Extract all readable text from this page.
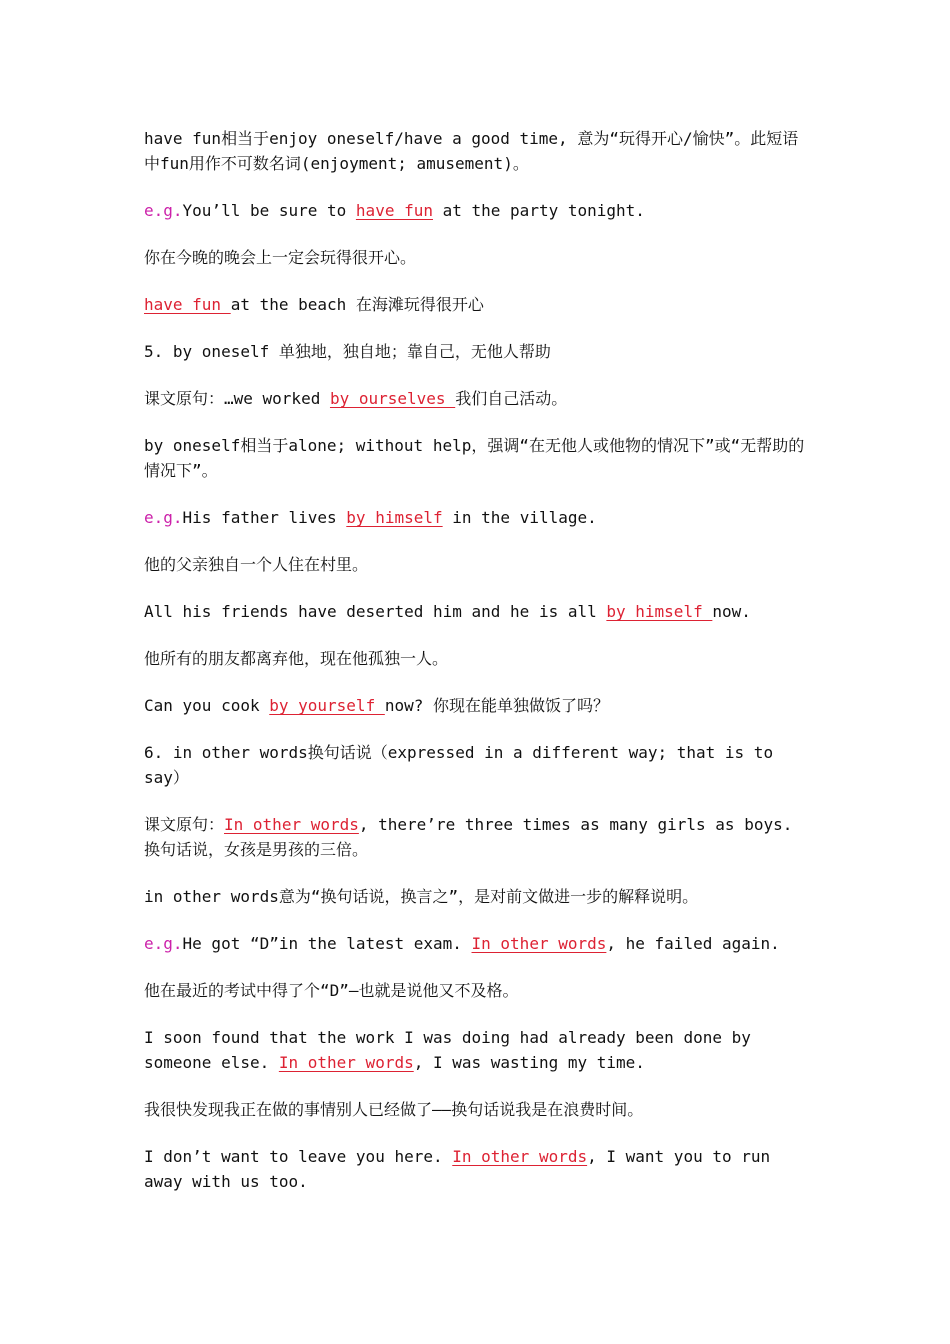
have fun相当于enjoy oneself/have a good time, 意为“玩得开心/愉快”。此短语中fun用作不可数名词(enjoyment; amusement)。

e.g.You’ll be sure to have fun at the party tonight.

你在今晚的晚会上一定会玩得很开心。

have fun at the beach 在海滩玩得很开心

5. by oneself 单独地，独自地；靠自己，无他人帮助

课文原句：…we worked by ourselves 我们自己活动。

by oneself相当于alone; without help，强调“在无他人或他物的情况下”或“无帮助的情况下”。

e.g.His father lives by himself in the village.

他的父亲独自一个人住在村里。

All his friends have deserted him and he is all by himself now.

他所有的朋友都离弃他，现在他孤独一人。

Can you cook by yourself now? 你现在能单独做饭了吗？

6. in other words换句话说（expressed in a different way; that is to say）

课文原句：In other words, there’re three times as many girls as boys. 换句话说，女孩是男孩的三倍。

in other words意为“换句话说，换言之”，是对前文做进一步的解释说明。

e.g.He got “D”in the latest exam. In other words, he failed again.

他在最近的考试中得了个“D”—也就是说他又不及格。

I soon found that the work I was doing had already been done by someone else. In other words, I was wasting my time.

我很快发现我正在做的事情别人已经做了——换句话说我是在浪费时间。

I don’t want to leave you here. In other words, I want you to run away with us too.
